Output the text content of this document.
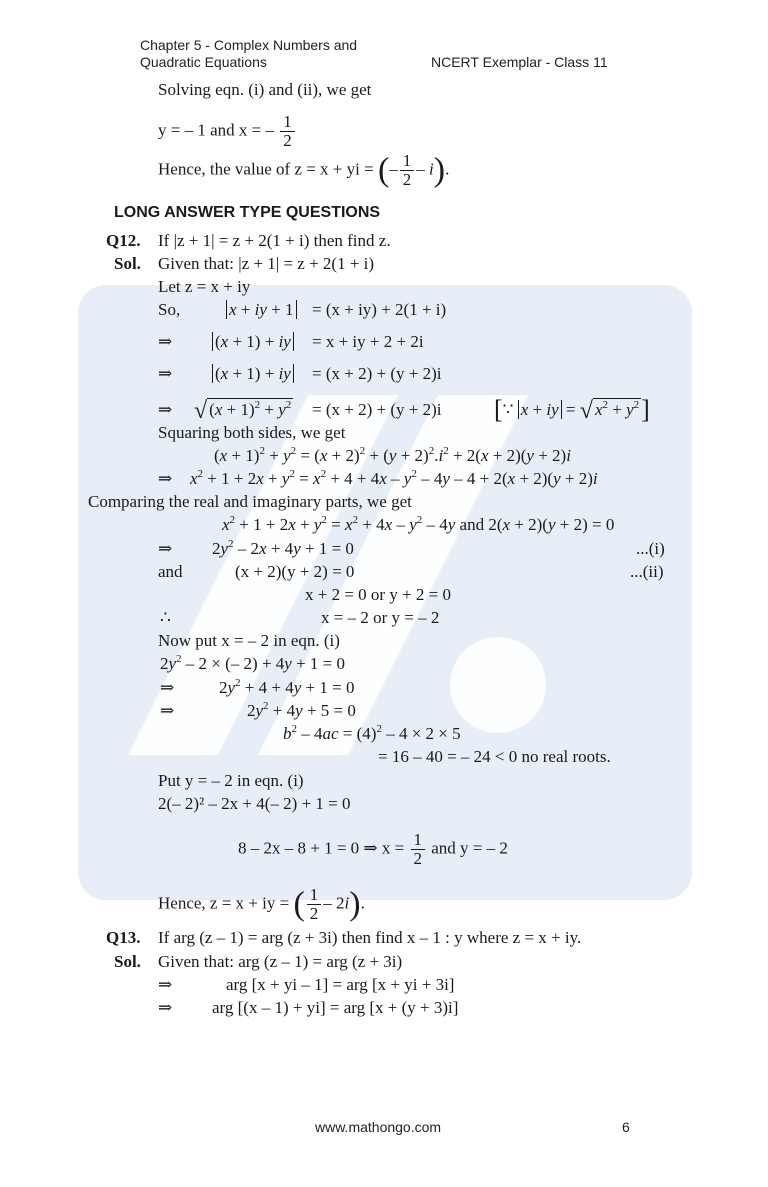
Chapter 5 - Complex Numbers and
Quadratic Equations	NCERT Exemplar - Class 11
Solving eqn. (i) and (ii), we get
y = – 1 and x = – $\frac{1}{2}$
Hence, the value of z = x + yi = (– $\frac{1}{2} - i$).
LONG ANSWER TYPE QUESTIONS
Q12. If |z + 1| = z + 2(1 + i) then find z.
Sol. Given that: |z + 1| = z + 2(1 + i)
Let z = x + iy
So,	x + iy + 1 = (x + iy) + 2(1 + i)
⇒	(x + 1) + iy = x + iy + 2 + 2i
⇒	(x + 1) + iy = (x + 2) + (y + 2)i
⇒ √ $(x + 1)^2 + y^2 = (x + 2) + (y + 2)i$ [∵ x + iy = √ $x^2 + y^2$]
Squaring both sides, we get
$(x + 1)^2 + y^2 = (x + 2)^2 + (y + 2)^2.i^2 + 2(x + 2)(y + 2)i$
⇒ $x^2 + 1 + 2x + y^2 = x^2 + 4 + 4x - y^2 - 4y - 4 + 2(x + 2)(y + 2)i$
Comparing the real and imaginary parts, we get
$x^2 + 1 + 2x + y^2 = x^2 + 4x - y^2 - 4y$ and 2(x + 2)(y + 2) = 0
⇒ $2y^2 - 2x + 4y + 1 = 0$	...(i)
and	(x + 2)(y + 2) = 0	...(ii)
x + 2 = 0 or y + 2 = 0
∴	x = – 2 or y = – 2
Now put x = – 2 in eqn. (i)
$2y^2 - 2$ × (– 2) + 4y + 1 = 0
⇒	$2y^2 + 4 + 4y + 1 = 0$
⇒	$2y^2 + 4y + 5 = 0$
$b^2 - 4ac = (4)^2 - 4 \times 2 \times 5$
= 16 – 40 = – 24 < 0 no real roots.
Put y = – 2 in eqn. (i)
2(– 2)² – 2x + 4(– 2) + 1 = 0
8 – 2x – 8 + 1 = 0 ⇒ $x = \frac{1}{2}$ and y = – 2
Hence, z = x + iy = ( $\frac{1}{2} - 2i$).
Q13. If arg (z – 1) = arg (z + 3i) then find x – 1 : y where z = x + iy.
Sol. Given that: arg (z – 1) = arg (z + 3i)
⇒	arg [x + yi – 1] = arg [x + yi + 3i]
⇒ arg [(x – 1) + yi] = arg [x + (y + 3)i]
www.mathongo.com	6
